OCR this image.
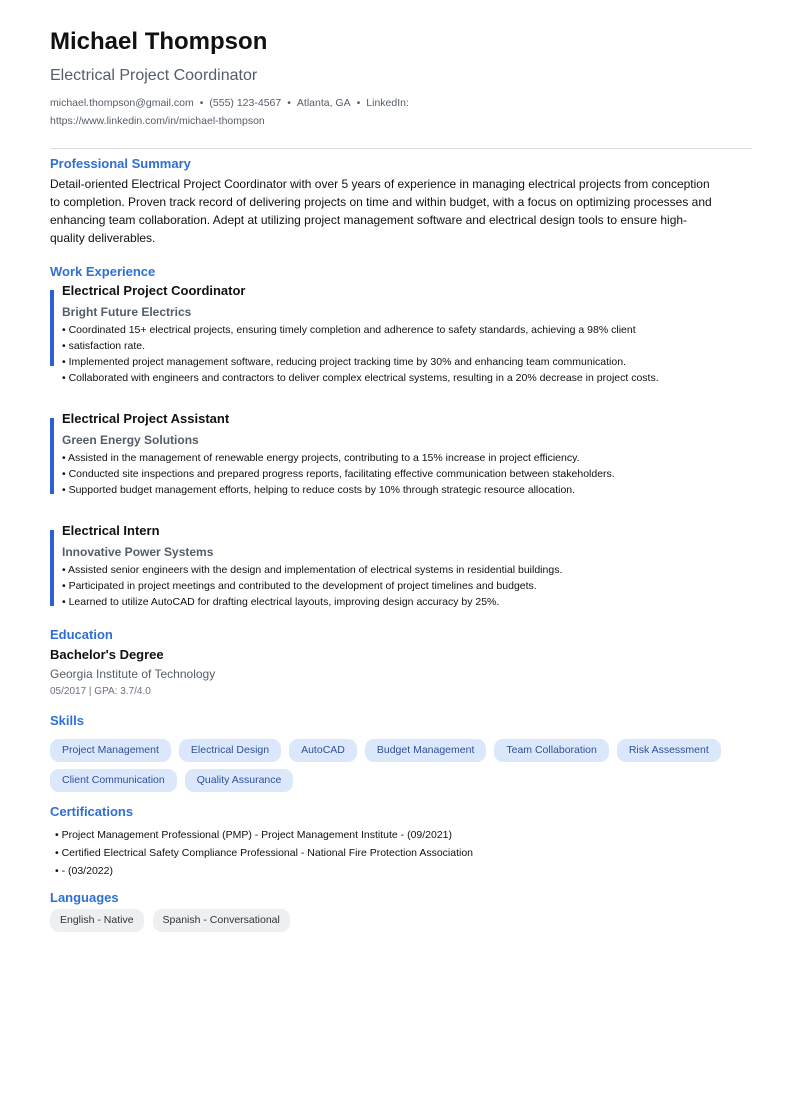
Michael Thompson
Electrical Project Coordinator
michael.thompson@gmail.com • (555) 123-4567 • Atlanta, GA • LinkedIn:
https://www.linkedin.com/in/michael-thompson
Professional Summary
Detail-oriented Electrical Project Coordinator with over 5 years of experience in managing electrical projects from conception to completion. Proven track record of delivering projects on time and within budget, with a focus on optimizing processes and enhancing team collaboration. Adept at utilizing project management software and electrical design tools to ensure high-quality deliverables.
Work Experience
Electrical Project Coordinator
Bright Future Electrics
• Coordinated 15+ electrical projects, ensuring timely completion and adherence to safety standards, achieving a 98% client
• satisfaction rate.
• Implemented project management software, reducing project tracking time by 30% and enhancing team communication.
• Collaborated with engineers and contractors to deliver complex electrical systems, resulting in a 20% decrease in project costs.
Electrical Project Assistant
Green Energy Solutions
• Assisted in the management of renewable energy projects, contributing to a 15% increase in project efficiency.
• Conducted site inspections and prepared progress reports, facilitating effective communication between stakeholders.
• Supported budget management efforts, helping to reduce costs by 10% through strategic resource allocation.
Electrical Intern
Innovative Power Systems
• Assisted senior engineers with the design and implementation of electrical systems in residential buildings.
• Participated in project meetings and contributed to the development of project timelines and budgets.
• Learned to utilize AutoCAD for drafting electrical layouts, improving design accuracy by 25%.
Education
Bachelor's Degree
Georgia Institute of Technology
05/2017 | GPA: 3.7/4.0
Skills
Project Management	Electrical Design	AutoCAD	Budget Management	Team Collaboration	Risk Assessment
Client Communication	Quality Assurance
Certifications
• Project Management Professional (PMP) - Project Management Institute - (09/2021)
• Certified Electrical Safety Compliance Professional - National Fire Protection Association
• - (03/2022)
Languages
English - Native	Spanish - Conversational
